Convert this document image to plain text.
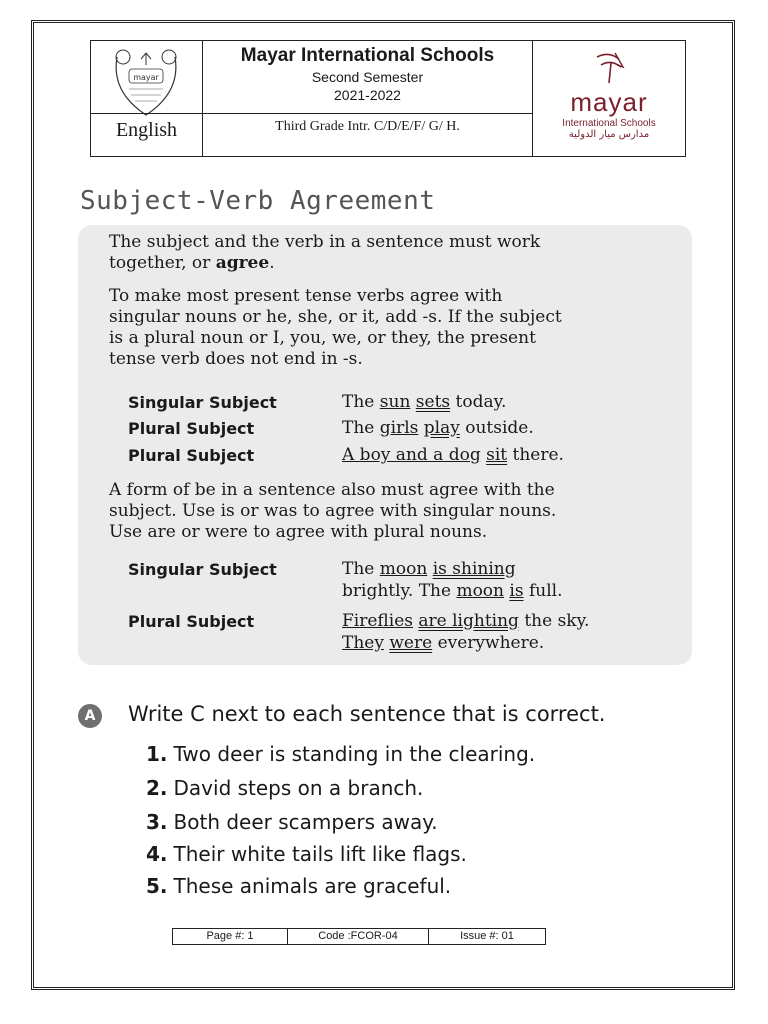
mayar
English
Mayar International Schools
Second Semester
2021-2022
Third Grade Intr. C/D/E/F/ G/ H.
mayar
International Schools
مدارس ميار الدولية
Subject-Verb Agreement
The subject and the verb in a sentence must work
together, or agree.
To make most present tense verbs agree with
singular nouns or he, she, or it, add -s. If the subject
is a plural noun or I, you, we, or they, the present
tense verb does not end in -s.
Singular Subject	The sun sets today.
Plural Subject	The girls play outside.
Plural Subject	A boy and a dog sit there.
A form of be in a sentence also must agree with the
subject. Use is or was to agree with singular nouns.
Use are or were to agree with plural nouns.
Singular Subject	The moon is shining
brightly. The moon is full.
Plural Subject	Fireflies are lighting the sky.
They were everywhere.
A	Write C next to each sentence that is correct.
1. Two deer is standing in the clearing.
2. David steps on a branch.
3. Both deer scampers away.
4. Their white tails lift like flags.
5. These animals are graceful.
Page #: 1	Code :FCOR-04	Issue #: 01
